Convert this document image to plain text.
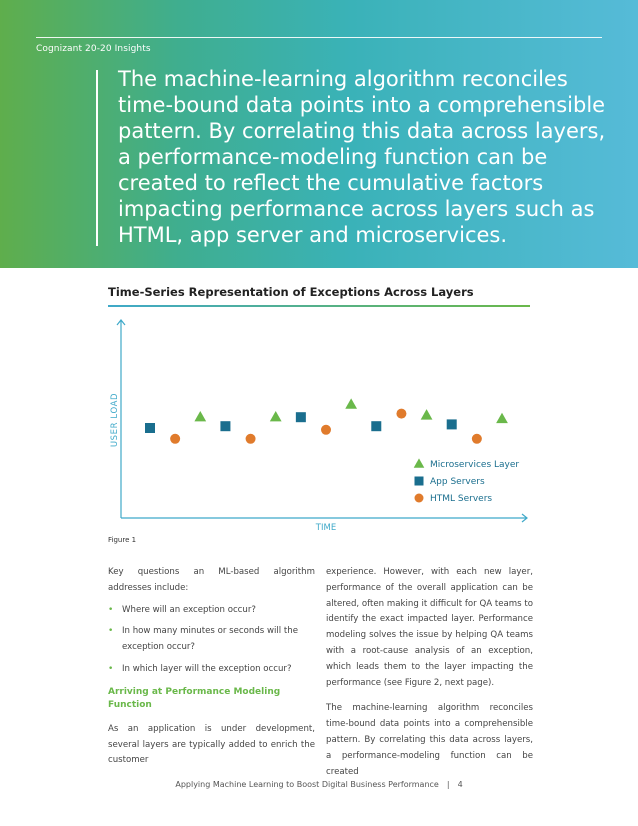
Cognizant 20-20 Insights
The machine-learning algorithm reconciles time-bound data points into a comprehensible pattern. By correlating this data across layers, a performance-modeling function can be created to reflect the cumulative factors impacting performance across layers such as HTML, app server and microservices.
Time-Series Representation of Exceptions Across Layers
Microservices Layer
App Servers
HTML Servers
TIME
USER LOAD
Figure 1

Key questions an ML-based algorithm addresses include:

• Where will an exception occur?
• In how many minutes or seconds will the exception occur?
• In which layer will the exception occur?
Arriving at Performance Modeling Function

As an application is under development, several layers are typically added to enrich the customer

experience. However, with each new layer, performance of the overall application can be altered, often making it difficult for QA teams to identify the exact impacted layer. Performance modeling solves the issue by helping QA teams with a root-cause analysis of an exception, which leads them to the layer impacting the performance (see Figure 2, next page).

The machine-learning algorithm reconciles time-bound data points into a comprehensible pattern. By correlating this data across layers, a performance-modeling function can be created

Applying Machine Learning to Boost Digital Business Performance | 4
